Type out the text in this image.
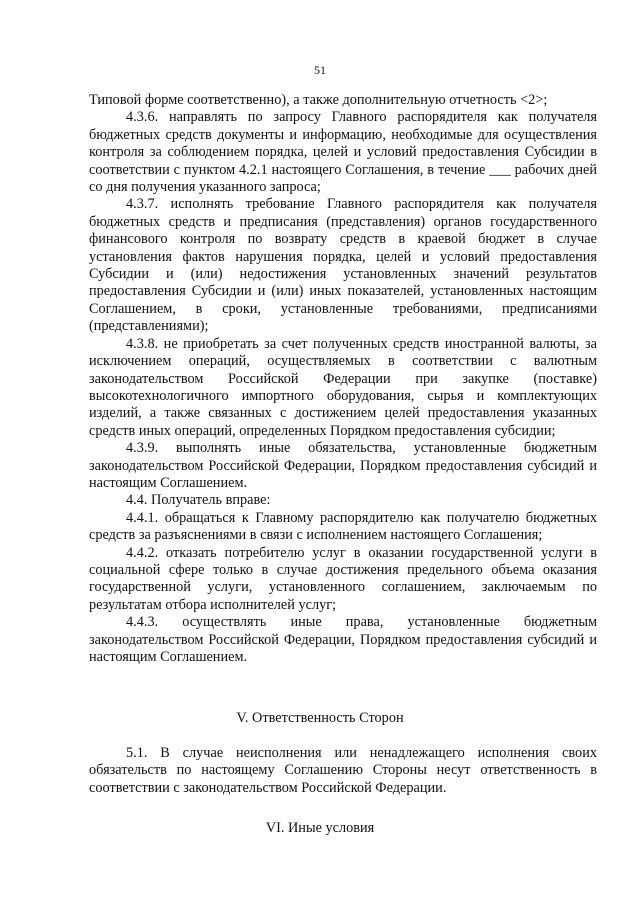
51

Типовой форме соответственно), а также дополнительную отчетность <2>;

4.3.6. направлять по запросу Главного распорядителя как получателя бюджетных средств документы и информацию, необходимые для осуществления контроля за соблюдением порядка, целей и условий предоставления Субсидии в соответствии с пунктом 4.2.1 настоящего Соглашения, в течение ___ рабочих дней со дня получения указанного запроса;

4.3.7. исполнять требование Главного распорядителя как получателя бюджетных средств и предписания (представления) органов государственного финансового контроля по возврату средств в краевой бюджет в случае установления фактов нарушения порядка, целей и условий предоставления Субсидии и (или) недостижения установленных значений результатов предоставления Субсидии и (или) иных показателей, установленных настоящим Соглашением, в сроки, установленные требованиями, предписаниями (представлениями);

4.3.8. не приобретать за счет полученных средств иностранной валюты, за исключением операций, осуществляемых в соответствии с валютным законодательством Российской Федерации при закупке (поставке) высокотехнологичного импортного оборудования, сырья и комплектующих изделий, а также связанных с достижением целей предоставления указанных средств иных операций, определенных Порядком предоставления субсидии;

4.3.9. выполнять иные обязательства, установленные бюджетным законодательством Российской Федерации, Порядком предоставления субсидий и настоящим Соглашением.

4.4. Получатель вправе:

4.4.1. обращаться к Главному распорядителю как получателю бюджетных средств за разъяснениями в связи с исполнением настоящего Соглашения;

4.4.2. отказать потребителю услуг в оказании государственной услуги в социальной сфере только в случае достижения предельного объема оказания государственной услуги, установленного соглашением, заключаемым по результатам отбора исполнителей услуг;

4.4.3. осуществлять иные права, установленные бюджетным законодательством Российской Федерации, Порядком предоставления субсидий и настоящим Соглашением.

V. Ответственность Сторон

5.1. В случае неисполнения или ненадлежащего исполнения своих обязательств по настоящему Соглашению Стороны несут ответственность в соответствии с законодательством Российской Федерации.

VI. Иные условия
